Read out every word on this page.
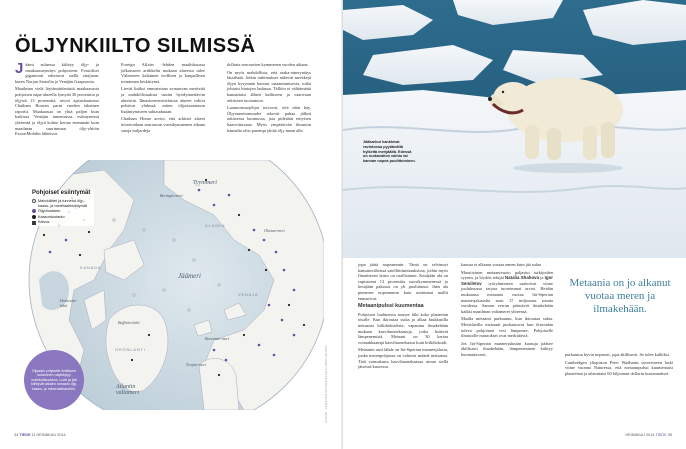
ÖLJYNKIILTO SILMISSÄ

Jäämi sulaessa kiihtyy öljy- ja maakaasuryntäys pohjoiseen. Fossiiliset gigantonit odottavat siellä ottajiaan, kuten Norjan Statoilia ja Venäjän Gazpromia.

Maailman vielä löytämättömästä maakaasusta pohjoisen napa-alueella lymyää 30 prosenttia ja öljystä 13 prosenttia, arvioi ajatushautomo Chatham Housen parin vuoden takainen raportti. Maakaasua on yhtä paljon kuin kaikissa Venäjän tunnetuissa esiintymissä yhteensä ja öljyä kolme kertaa enemmän kuin maailman suurimman öljy-yhtiön ExxonMobilin lähteissä.

Foreign Affairs -lehden maaliskuussa julkaisseen artikkelin mukaan alueesta tulee Välimeren kaltainen teollisen ja kaupallisen toiminnan keskittymä.

Lievät lisäksi ennustetaan avautuvan meriteitä ja mahdollisuuksia uusiin hyödynnettäviin alueisiin. Ilmastoneuvotteluissa alueen valtiot pohtivat yhdessä, miten öljyntuotannon lisääntymiseen suhtaudutaan.

Chatham House arvioi, että arktiset alueet investoidaan seuraavan vuosikymmenen aikana satoja miljardeja

dollaria seuraavien kymmenen vuoden aikana.

On myös mahdollista, että raaka-aineryntäys lässähtää. Jotkin tutkimukset näkevät merkkejä öljyn kysynnän kasvun tasaantumisesta, mikä johtaisi hintojen laskuun. Tällöin ei välttämättä kannattaisi lähteä kalliiseen ja vaativaan arktiseen tuotantoon.

Luonnonsuojelijat toivovat, että näin käy. Öljyonnettomuudet tekevät pahaa jälkeä arktisessa luonnossa, jota pidetään erityisen haavoittuvana. Myös ympäröivän ilmaston kannalta olisi parempi jättää öljy maan alle.

Tyynimeri
Beringin-meri
ALASKA
KANADA
Jäämeri
Hudsonin-lahti
Baffinin-lahti
GRÖNLANTI
VENÄJÄ
Ohotan-meri
Barentsin-meri
Norjan-meri
Atlantin valtameri
Pohjoiset esiintymät
Mahdolliset ja tunnetut öljy-, kaasu- ja mineraaliesiintymät
Öljyntuotanto
Kaasuntuotanto
Kaivos
Öljyalan yrityksille Arktiksen sulaminen näyttäytyy mahdollisuutena. Luoti ja jää kiihtyvät alkaen romaani öljy, kaasu- ja mineraalivaroihin.	LÄHDE: VENÄJÄN MAANTIETEELLINEN SEURA
34 TIEDE 11 HEINÄKUU 2014
Jääkarhut hankkivat ravintonsa pyytämällä hylkeitä merijäältä. Edessä on ruokavalion vaihto tai kannan nopea puolittuminen.

jopa jäätä nopeammin. Tämä on selvinnyt kansainvälisissä satelliittimittauksissa, joihin myös Ilmatieteen laitos on osallistunut. Kesäjään ala on supistunut 13 prosenttia vuosikymmenessä ja kesäjään paksuus on yli puolittunut. Jään ala pienenee nopeammin kuin useimmat mallit ennustivat.

Metaanipulssi kuumentaa

Pohjoisen luuhtuessa nousee hiki koko planeetan otsalle. Kun ikiroutaa sulaa ja alkaa hiukkasilla metaania hiilidioksidista, vapautuu ilmakehään mukaan kasvihuonekaasuja, jotka lisäävät lämpenemistä. Metaani on 30 kertaa voimakkaampi kasvihuonekaasu kuin hiilidioksidi.

Metaanin uusi lähde on Itä-Siperian mannerjalusta, jonka merenpohjassa on valtavat määrät metaania. Tätä voimakasta kasvihuonekaasua uinuu siellä jäisessä kuoressa.

kaasua ei alkanut vuotaa ennen kuin jää sulaa

Massiivinen metaanivuoto paljastui tutkijoiden syynin, ja löydön tekijät Natalia Shahova ja Igor Semiletov työryhmineen saattoivat viime joulukuussa tarjota tuoreimmat arviot. Heidän mukaansa metaania vuotaa Itä-Siperian mannerjalustalta noin 17 miljoonaa tonnia vuodessa. Saman verran päästävät ilmakehään kaikki maailman valtameret yhteensä.

Maalla metaanit purkautuu, kun ikiroutaa sulaa. Merialueilla metaanit purkautuvat kun ikiroudan tuleva pohjoinen vesi lämpenee. Pohjoiselle ilmastolle muutokset ovat merkittäviä.

Jos Itä-Siperian mannerjalustan kaasuja pääsee äkillisesti ilmakehään, lämpeneminen kiihtyy huomattavasti.

Metaania on jo alkanut vuotaa meren ja ilmakehään.

purkautuu hyvin nopeasti, jopa äkillisesti. Se tulee kalliiksi.

Cambridgen yliopiston Peter Wadhams tovereineen laski viime vuonna Naturessa, että metaanipulssi kuumentaisi planeettaa ja aiheuttaisi 60 biljoonan dollarin kustannukset.

HEINÄKUU 2014 TIEDE 35
